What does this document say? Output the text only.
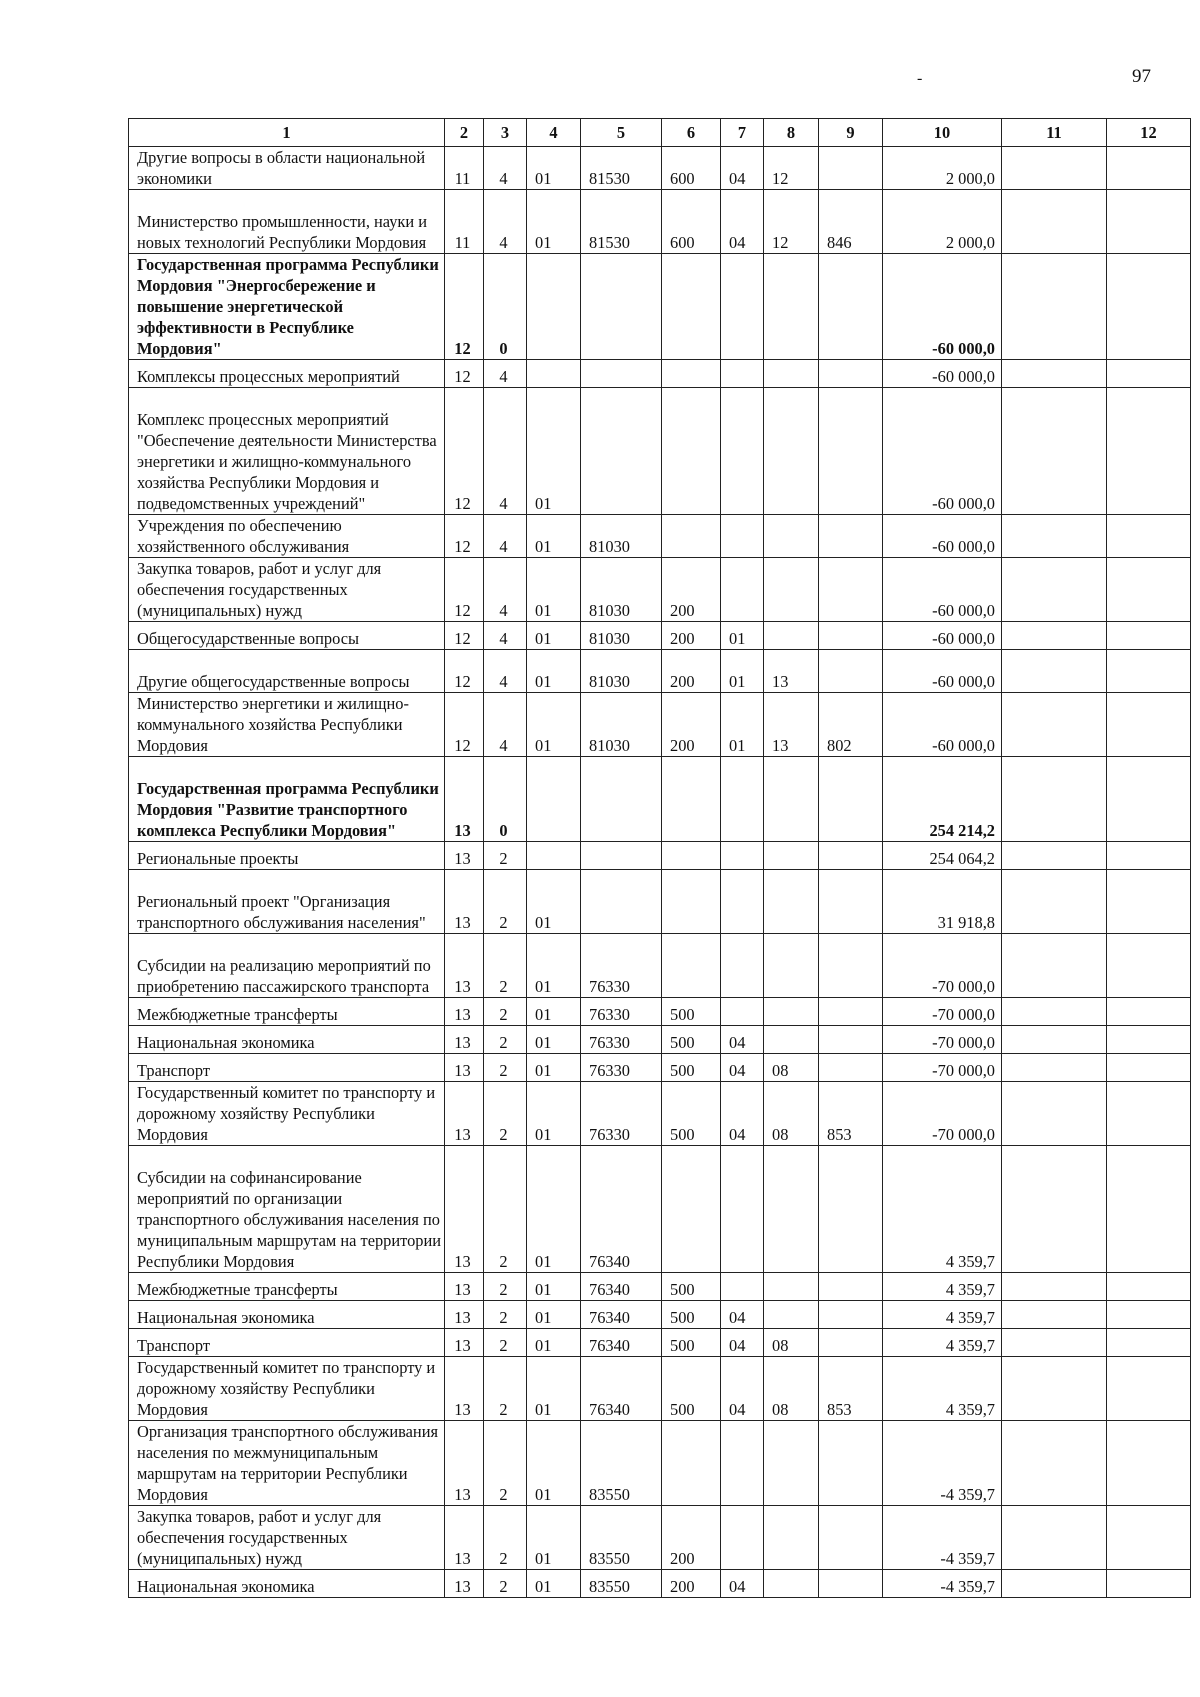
97
-
1	2	3	4	5	6	7	8	9	10	11	12
Другие вопросы в области национальной экономики	11	4	01	81530	600	04	12		2 000,0		
Министерство промышленности, науки и новых технологий Республики Мордовия	11	4	01	81530	600	04	12	846	2 000,0		
Государственная программа Республики Мордовия "Энергосбережение и повышение энергетической эффективности в Республике Мордовия"	12	0							-60 000,0		
Комплексы процессных мероприятий	12	4							-60 000,0		
Комплекс процессных мероприятий "Обеспечение деятельности Министерства энергетики и жилищно-коммунального хозяйства Республики Мордовия и подведомственных учреждений"	12	4	01						-60 000,0		
Учреждения по обеспечению хозяйственного обслуживания	12	4	01	81030					-60 000,0		
Закупка товаров, работ и услуг для обеспечения государственных (муниципальных) нужд	12	4	01	81030	200				-60 000,0		
Общегосударственные вопросы	12	4	01	81030	200	01			-60 000,0		
Другие общегосударственные вопросы	12	4	01	81030	200	01	13		-60 000,0		
Министерство энергетики и жилищно-коммунального хозяйства Республики Мордовия	12	4	01	81030	200	01	13	802	-60 000,0		
Государственная программа Республики Мордовия "Развитие транспортного комплекса Республики Мордовия"	13	0							254 214,2		
Региональные проекты	13	2							254 064,2		
Региональный проект "Организация транспортного обслуживания населения"	13	2	01						31 918,8		
Субсидии на реализацию мероприятий по приобретению пассажирского транспорта	13	2	01	76330					-70 000,0		
Межбюджетные трансферты	13	2	01	76330	500				-70 000,0		
Национальная экономика	13	2	01	76330	500	04			-70 000,0		
Транспорт	13	2	01	76330	500	04	08		-70 000,0		
Государственный комитет по транспорту и дорожному хозяйству Республики Мордовия	13	2	01	76330	500	04	08	853	-70 000,0		
Субсидии на софинансирование мероприятий по организации транспортного обслуживания населения по муниципальным маршрутам на территории Республики Мордовия	13	2	01	76340					4 359,7		
Межбюджетные трансферты	13	2	01	76340	500				4 359,7		
Национальная экономика	13	2	01	76340	500	04			4 359,7		
Транспорт	13	2	01	76340	500	04	08		4 359,7		
Государственный комитет по транспорту и дорожному хозяйству Республики Мордовия	13	2	01	76340	500	04	08	853	4 359,7		
Организация транспортного обслуживания населения по межмуниципальным маршрутам на территории Республики Мордовия	13	2	01	83550					-4 359,7		
Закупка товаров, работ и услуг для обеспечения государственных (муниципальных) нужд	13	2	01	83550	200				-4 359,7		
Национальная экономика	13	2	01	83550	200	04			-4 359,7		
